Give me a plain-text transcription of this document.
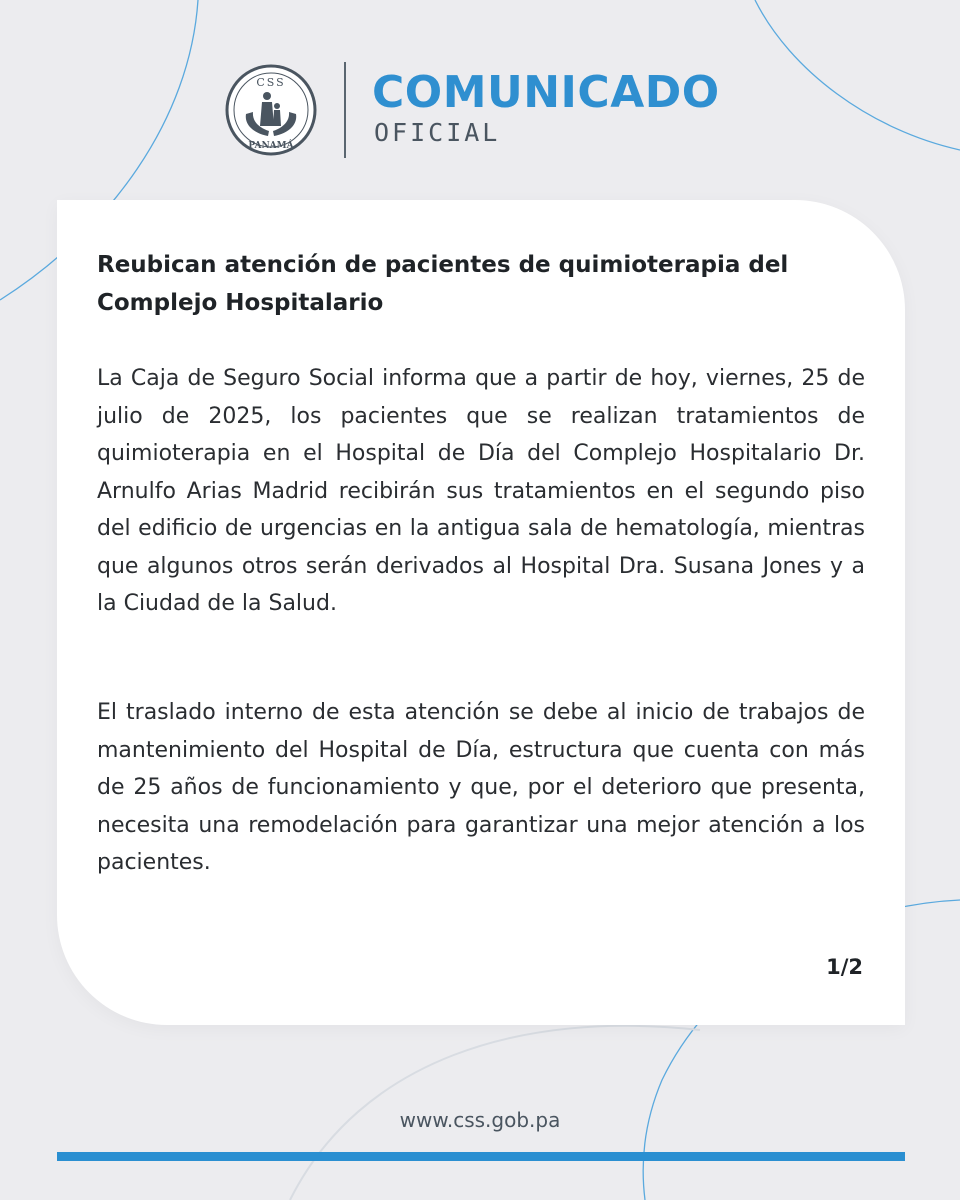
CSS
PANAMÁ
COMUNICADO
OFICIAL
Reubican atención de pacientes de quimioterapia del Complejo Hospitalario

La Caja de Seguro Social informa que a partir de hoy, viernes, 25 de julio de 2025, los pacientes que se realizan tratamientos de quimioterapia en el Hospital de Día del Complejo Hospitalario Dr. Arnulfo Arias Madrid recibirán sus tratamientos en el segundo piso del edificio de urgencias en la antigua sala de hematología, mientras que algunos otros serán derivados al Hospital Dra. Susana Jones y a la Ciudad de la Salud.

El traslado interno de esta atención se debe al inicio de trabajos de mantenimiento del Hospital de Día, estructura que cuenta con más de 25 años de funcionamiento y que, por el deterioro que presenta, necesita una remodelación para garantizar una mejor atención a los pacientes.

1/2
www.css.gob.pa
